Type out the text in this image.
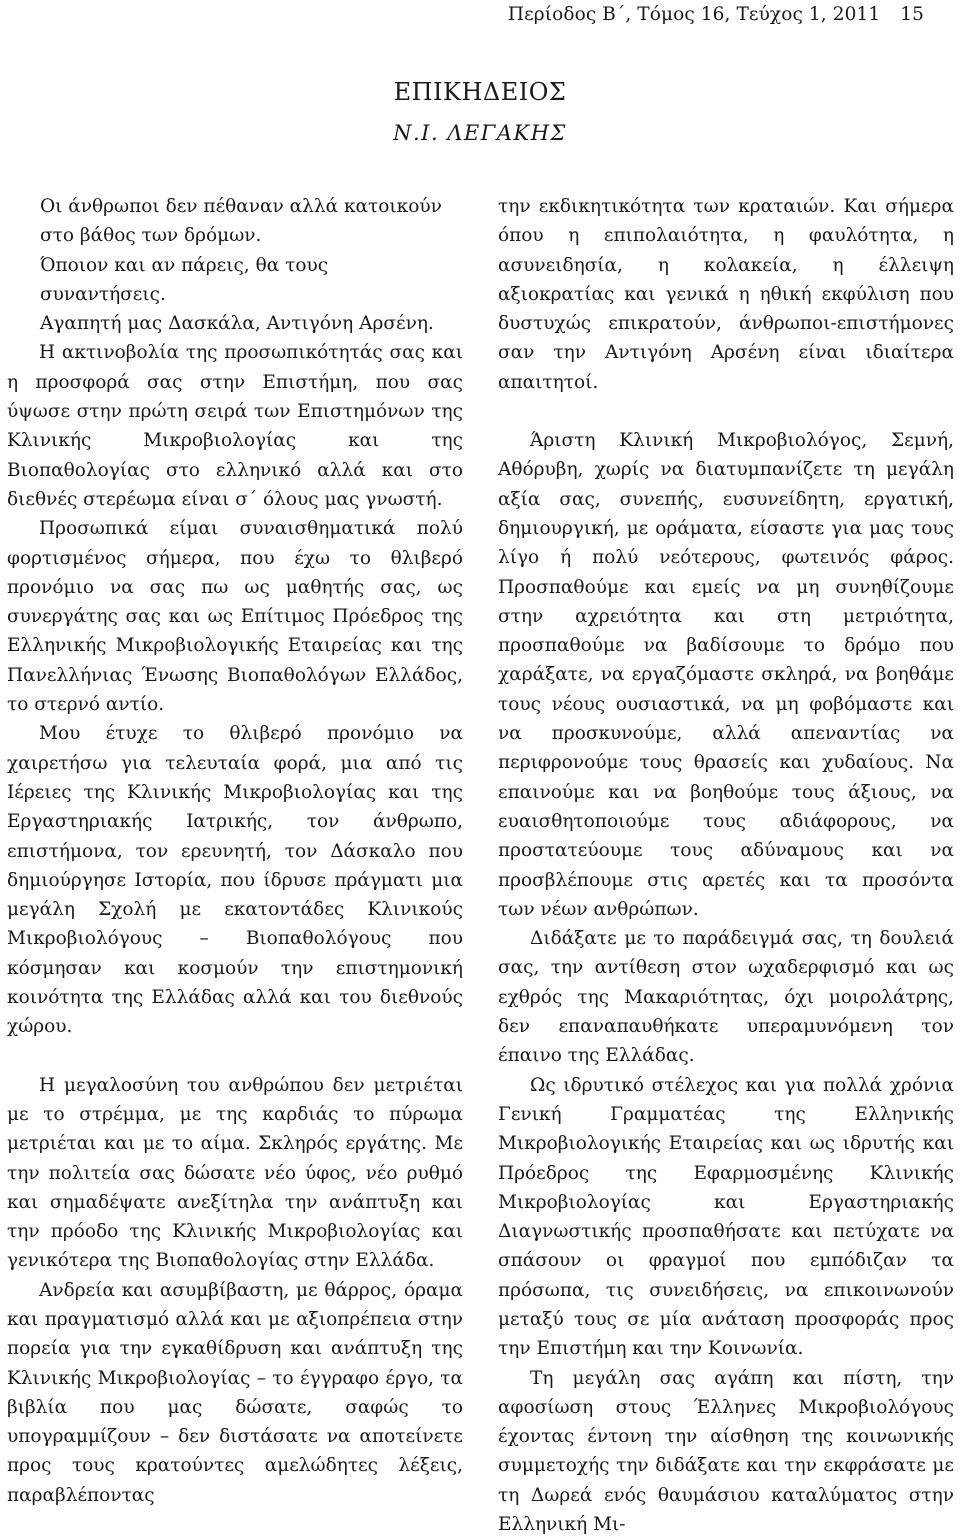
Περίοδος Β΄, Τόμος 16, Τεύχος 1, 2011 15
ΕΠΙΚΗΔΕΙΟΣ
Ν.Ι. ΛΕΓΑΚΗΣ
Οι άνθρωποι δεν πέθαναν αλλά κατοικούν
στο βάθος των δρόμων.
Όποιον και αν πάρεις, θα τους συναντήσεις.
Αγαπητή μας Δασκάλα, Αντιγόνη Αρσένη.

Η ακτινοβολία της προσωπικότητάς σας και η προσφορά σας στην Επιστήμη, που σας ύψωσε στην πρώτη σειρά των Επιστημόνων της Κλινικής Μικροβιολογίας και της Βιοπαθολογίας στο ελληνικό αλλά και στο διεθνές στερέωμα είναι σ΄ όλους μας γνωστή.

Προσωπικά είμαι συναισθηματικά πολύ φορτισμένος σήμερα, που έχω το θλιβερό προνόμιο να σας πω ως μαθητής σας, ως συνεργάτης σας και ως Επίτιμος Πρόεδρος της Ελληνικής Μικροβιολογικής Εταιρείας και της Πανελλήνιας Ένωσης Βιοπαθολόγων Ελλάδος, το στερνό αντίο.

Μου έτυχε το θλιβερό προνόμιο να χαιρετήσω για τελευταία φορά, μια από τις Ιέρειες της Κλινικής Μικροβιολογίας και της Εργαστηριακής Ιατρικής, τον άνθρωπο, επιστήμονα, τον ερευνητή, τον Δάσκαλο που δημιούργησε Ιστορία, που ίδρυσε πράγματι μια μεγάλη Σχολή με εκατοντάδες Κλινικούς Μικροβιολόγους – Βιοπαθολόγους που κόσμησαν και κοσμούν την επιστημονική κοινότητα της Ελλάδας αλλά και του διεθνούς χώρου.

Η μεγαλοσύνη του ανθρώπου δεν μετριέται με το στρέμμα, με της καρδιάς το πύρωμα μετριέται και με το αίμα. Σκληρός εργάτης. Με την πολιτεία σας δώσατε νέο ύφος, νέο ρυθμό και σημαδέψατε ανεξίτηλα την ανάπτυξη και την πρόοδο της Κλινικής Μικροβιολογίας και γενικότερα της Βιοπαθολογίας στην Ελλάδα.

Ανδρεία και ασυμβίβαστη, με θάρρος, όραμα και πραγματισμό αλλά και με αξιοπρέπεια στην πορεία για την εγκαθίδρυση και ανάπτυξη της Κλινικής Μικροβιολογίας – το έγγραφο έργο, τα βιβλία που μας δώσατε, σαφώς το υπογραμμίζουν – δεν διστάσατε να αποτείνετε προς τους κρατούντες αμελώδητες λέξεις, παραβλέποντας

την εκδικητικότητα των κραταιών. Και σήμερα όπου η επιπολαιότητα, η φαυλότητα, η ασυνειδησία, η κολακεία, η έλλειψη αξιοκρατίας και γενικά η ηθική εκφύλιση που δυστυχώς επικρατούν, άνθρωποι-επιστήμονες σαν την Αντιγόνη Αρσένη είναι ιδιαίτερα απαιτητοί.

Άριστη Κλινική Μικροβιολόγος, Σεμνή, Αθόρυβη, χωρίς να διατυμπανίζετε τη μεγάλη αξία σας, συνεπής, ευσυνείδητη, εργατική, δημιουργική, με οράματα, είσαστε για μας τους λίγο ή πολύ νεότερους, φωτεινός φάρος. Προσπαθούμε και εμείς να μη συνηθίζουμε στην αχρειότητα και στη μετριότητα, προσπαθούμε να βαδίσουμε το δρόμο που χαράξατε, να εργαζόμαστε σκληρά, να βοηθάμε τους νέους ουσιαστικά, να μη φοβόμαστε και να προσκυνούμε, αλλά απεναντίας να περιφρονούμε τους θρασείς και χυδαίους. Να επαινούμε και να βοηθούμε τους άξιους, να ευαισθητοποιούμε τους αδιάφορους, να προστατεύουμε τους αδύναμους και να προσβλέπουμε στις αρετές και τα προσόντα των νέων ανθρώπων.

Διδάξατε με το παράδειγμά σας, τη δουλειά σας, την αντίθεση στον ωχαδερφισμό και ως εχθρός της Μακαριότητας, όχι μοιρολάτρης, δεν επαναπαυθήκατε υπεραμυνόμενη τον έπαινο της Ελλάδας.

Ως ιδρυτικό στέλεχος και για πολλά χρόνια Γενική Γραμματέας της Ελληνικής Μικροβιολογικής Εταιρείας και ως ιδρυτής και Πρόεδρος της Εφαρμοσμένης Κλινικής Μικροβιολογίας και Εργαστηριακής Διαγνωστικής προσπαθήσατε και πετύχατε να σπάσουν οι φραγμοί που εμπόδιζαν τα πρόσωπα, τις συνειδήσεις, να επικοινωνούν μεταξύ τους σε μία ανάταση προσφοράς προς την Επιστήμη και την Κοινωνία.

Τη μεγάλη σας αγάπη και πίστη, την αφοσίωση στους Έλληνες Μικροβιολόγους έχοντας έντονη την αίσθηση της κοινωνικής συμμετοχής την διδάξατε και την εκφράσατε με τη Δωρεά ενός θαυμάσιου καταλύματος στην Ελληνική Μι-
